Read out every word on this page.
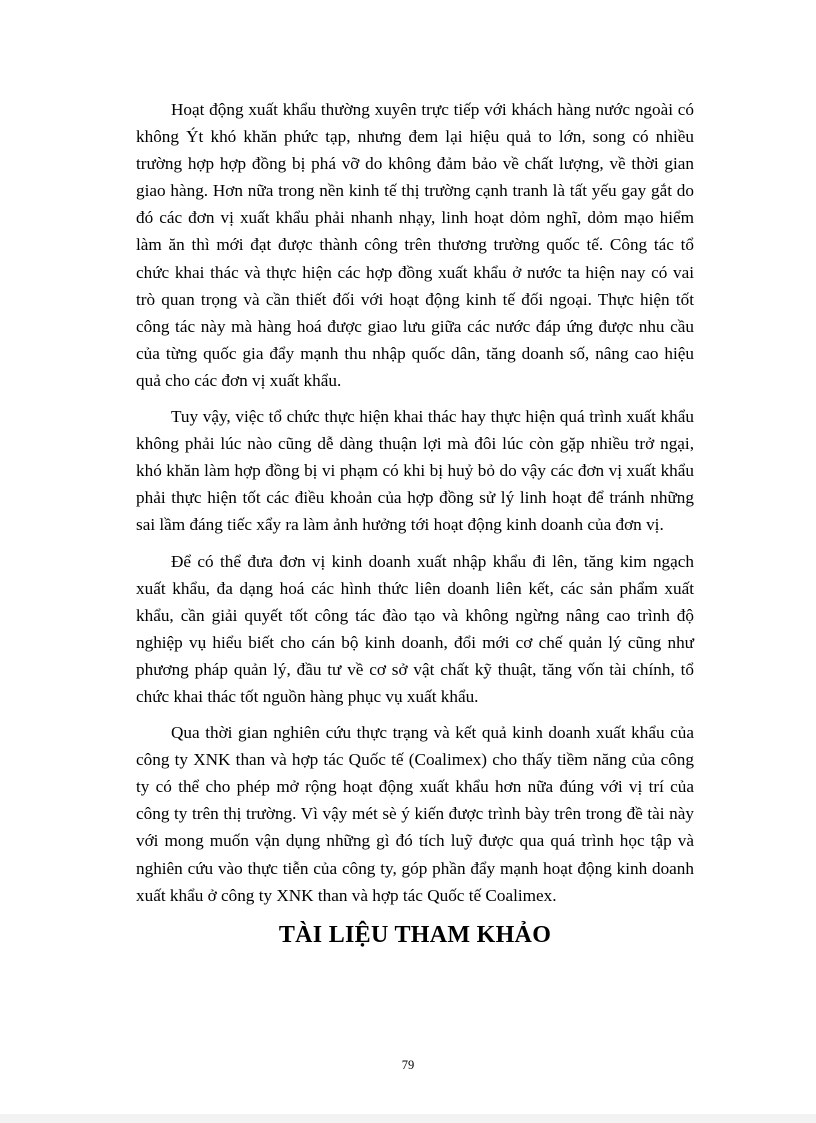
Hoạt động xuất khẩu thường xuyên trực tiếp với khách hàng nước ngoài có không Ýt khó khăn phức tạp, nhưng đem lại hiệu quả to lớn, song có nhiều trường hợp hợp đồng bị phá vỡ do không đảm bảo về chất lượng, về thời gian giao hàng. Hơn nữa trong nền kinh tế thị trường cạnh tranh là tất yếu gay gắt do đó các đơn vị xuất khẩu phải nhanh nhạy, linh hoạt dỏm nghĩ, dỏm mạo hiểm làm ăn thì mới đạt được thành công trên thương trường quốc tế. Công tác tổ chức khai thác và thực hiện các hợp đồng xuất khẩu ở nước ta hiện nay có vai trò quan trọng và cần thiết đối với hoạt động kinh tế đối ngoại. Thực hiện tốt công tác này mà hàng hoá được giao lưu giữa các nước đáp ứng được nhu cầu của từng quốc gia đẩy mạnh thu nhập quốc dân, tăng doanh số, nâng cao hiệu quả cho các đơn vị xuất khẩu.

Tuy vậy, việc tổ chức thực hiện khai thác hay thực hiện quá trình xuất khẩu không phải lúc nào cũng dễ dàng thuận lợi mà đôi lúc còn gặp nhiều trở ngại, khó khăn làm hợp đồng bị vi phạm có khi bị huỷ bỏ do vậy các đơn vị xuất khẩu phải thực hiện tốt các điều khoản của hợp đồng sử lý linh hoạt để tránh những sai lầm đáng tiếc xẩy ra làm ảnh hưởng tới hoạt động kinh doanh của đơn vị.

Để có thể đưa đơn vị kinh doanh xuất nhập khẩu đi lên, tăng kim ngạch xuất khẩu, đa dạng hoá các hình thức liên doanh liên kết, các sản phẩm xuất khẩu, cần giải quyết tốt công tác đào tạo và không ngừng nâng cao trình độ nghiệp vụ hiểu biết cho cán bộ kinh doanh, đổi mới cơ chế quản lý cũng như phương pháp quản lý, đầu tư về cơ sở vật chất kỹ thuật, tăng vốn tài chính, tổ chức khai thác tốt nguồn hàng phục vụ xuất khẩu.

Qua thời gian nghiên cứu thực trạng và kết quả kinh doanh xuất khẩu của công ty XNK than và hợp tác Quốc tế (Coalimex) cho thấy tiềm năng của công ty có thể cho phép mở rộng hoạt động xuất khẩu hơn nữa đúng với vị trí của công ty trên thị trường. Vì vậy mét sè ý kiến được trình bày trên trong đề tài này với mong muốn vận dụng những gì đó tích luỹ được qua quá trình học tập và nghiên cứu vào thực tiễn của công ty, góp phần đẩy mạnh hoạt động kinh doanh xuất khẩu ở công ty XNK than và hợp tác Quốc tế Coalimex.

TÀI LIỆU THAM KHẢO
79
